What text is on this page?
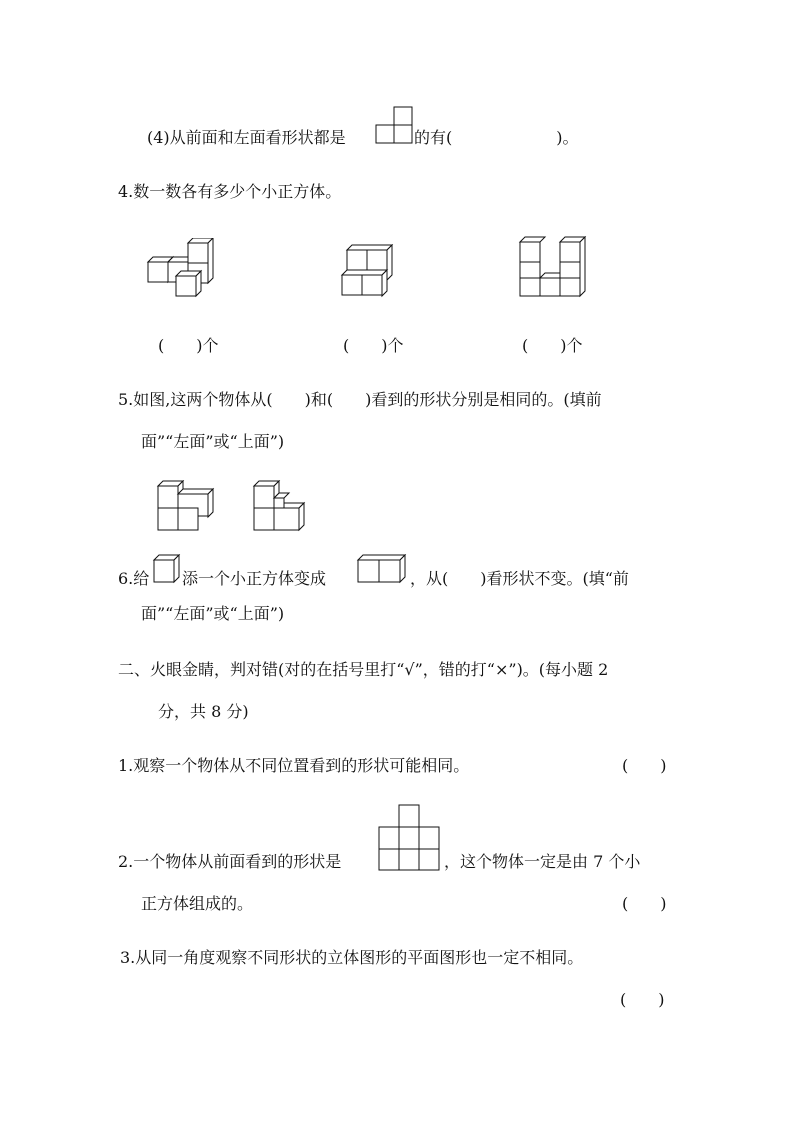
(4)从前面和左面看形状都是	的有(	)。
4.数一数各有多少个小正方体。
(　　)个	(　　)个	(　　)个
5.如图,这两个物体从(　　)和(　　)看到的形状分别是相同的。(填前
面”“左面”或“上面”)
6.给 添一个小正方体变成	，从(　　)看形状不变。(填“前
面”“左面”或“上面”)
二、火眼金睛，判对错(对的在括号里打“√”，错的打“×”)。(每小题 2
分，共 8 分)
1.观察一个物体从不同位置看到的形状可能相同。	(　　)
2.一个物体从前面看到的形状是	，这个物体一定是由 7 个小
正方体组成的。	(　　)
3.从同一角度观察不同形状的立体图形的平面图形也一定不相同。
(　　)
